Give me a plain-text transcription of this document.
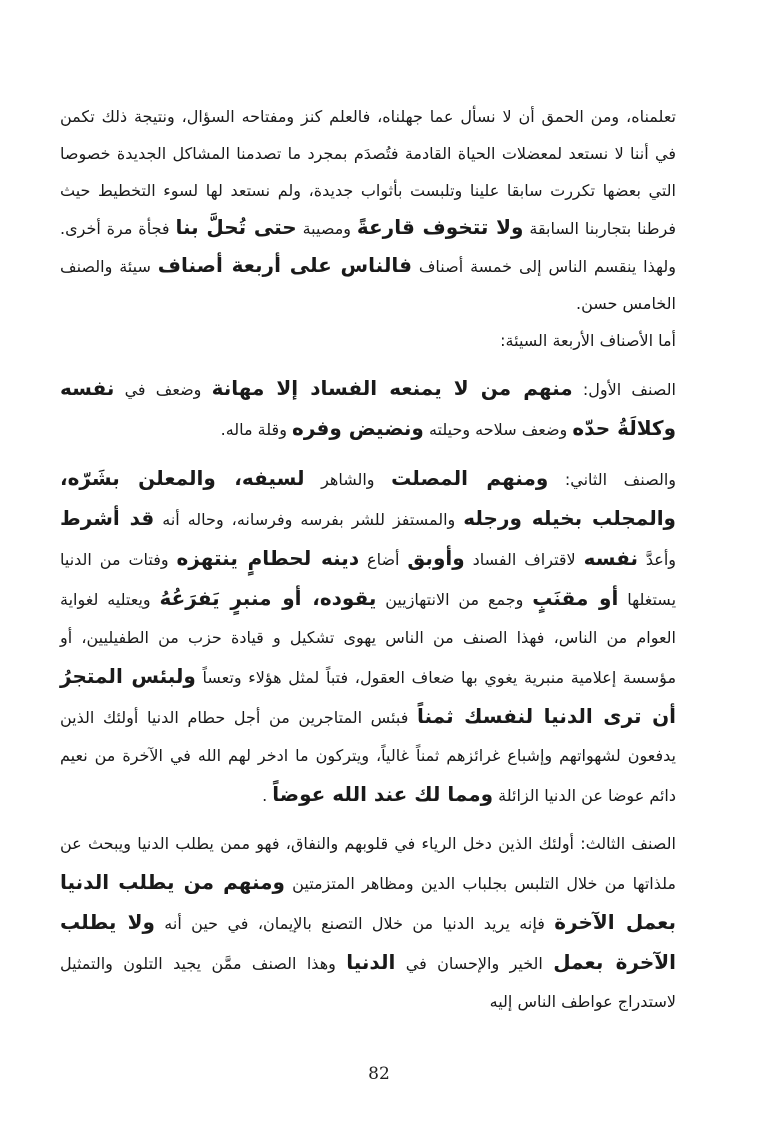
تعلمناه، ومن الحمق أن لا نسأل عما جهلناه، فالعلم كنز ومفتاحه السؤال، ونتيجة ذلك تكمن في أننا لا نستعد لمعضلات الحياة القادمة فتُصدَم بمجرد ما تصدمنا المشاكل الجديدة خصوصا التي بعضها تكررت سابقا علينا وتلبست بأثواب جديدة، ولم نستعد لها لسوء التخطيط حيث فرطنا بتجاربنا السابقة ولا تتخوف قارعةً ومصيبة حتى تُحلَّ بنا فجأة مرة أخرى. ولهذا ينقسم الناس إلى خمسة أصناف فالناس على أربعة أصناف سيئة والصنف الخامس حسن.

أما الأصناف الأربعة السيئة:

الصنف الأول: منهم من لا يمنعه الفساد إلا مهانة وضعف في نفسه وكلالَةُ حدّه وضعف سلاحه وحيلته ونضيض وفره وقلة ماله.

والصنف الثاني: ومنهم المصلت والشاهر لسيفه، والمعلن بشَرّه، والمجلب بخيله ورجله والمستفز للشر بفرسه وفرسانه، وحاله أنه قد أشرط وأعدَّ نفسه لاقتراف الفساد وأوبق أضاع دينه لحطامٍ ينتهزه وفتات من الدنيا يستغلها أو مقنَبٍ وجمع من الانتهازيين يقوده، أو منبرٍ يَفرَعُهُ ويعتليه لغواية العوام من الناس، فهذا الصنف من الناس يهوى تشكيل و قيادة حزب من الطفيليين، أو مؤسسة إعلامية منبرية يغوي بها ضعاف العقول، فتباً لمثل هؤلاء وتعساً ولبئس المتجرُ أن ترى الدنيا لنفسك ثمناً فبئس المتاجرين من أجل حطام الدنيا أولئك الذين يدفعون لشهواتهم وإشباع غرائزهم ثمناً غالياً، ويتركون ما ادخر لهم الله في الآخرة من نعيم دائم عوضا عن الدنيا الزائلة ومما لك عند الله عوضاً .

الصنف الثالث: أولئك الذين دخل الرياء في قلوبهم والنفاق، فهو ممن يطلب الدنيا ويبحث عن ملذاتها من خلال التلبس بجلباب الدين ومظاهر المتزمتين ومنهم من يطلب الدنيا بعمل الآخرة فإنه يريد الدنيا من خلال التصنع بالإيمان، في حين أنه ولا يطلب الآخرة بعمل الخير والإحسان في الدنيا وهذا الصنف ممَّن يجيد التلون والتمثيل لاستدراج عواطف الناس إليه

82
